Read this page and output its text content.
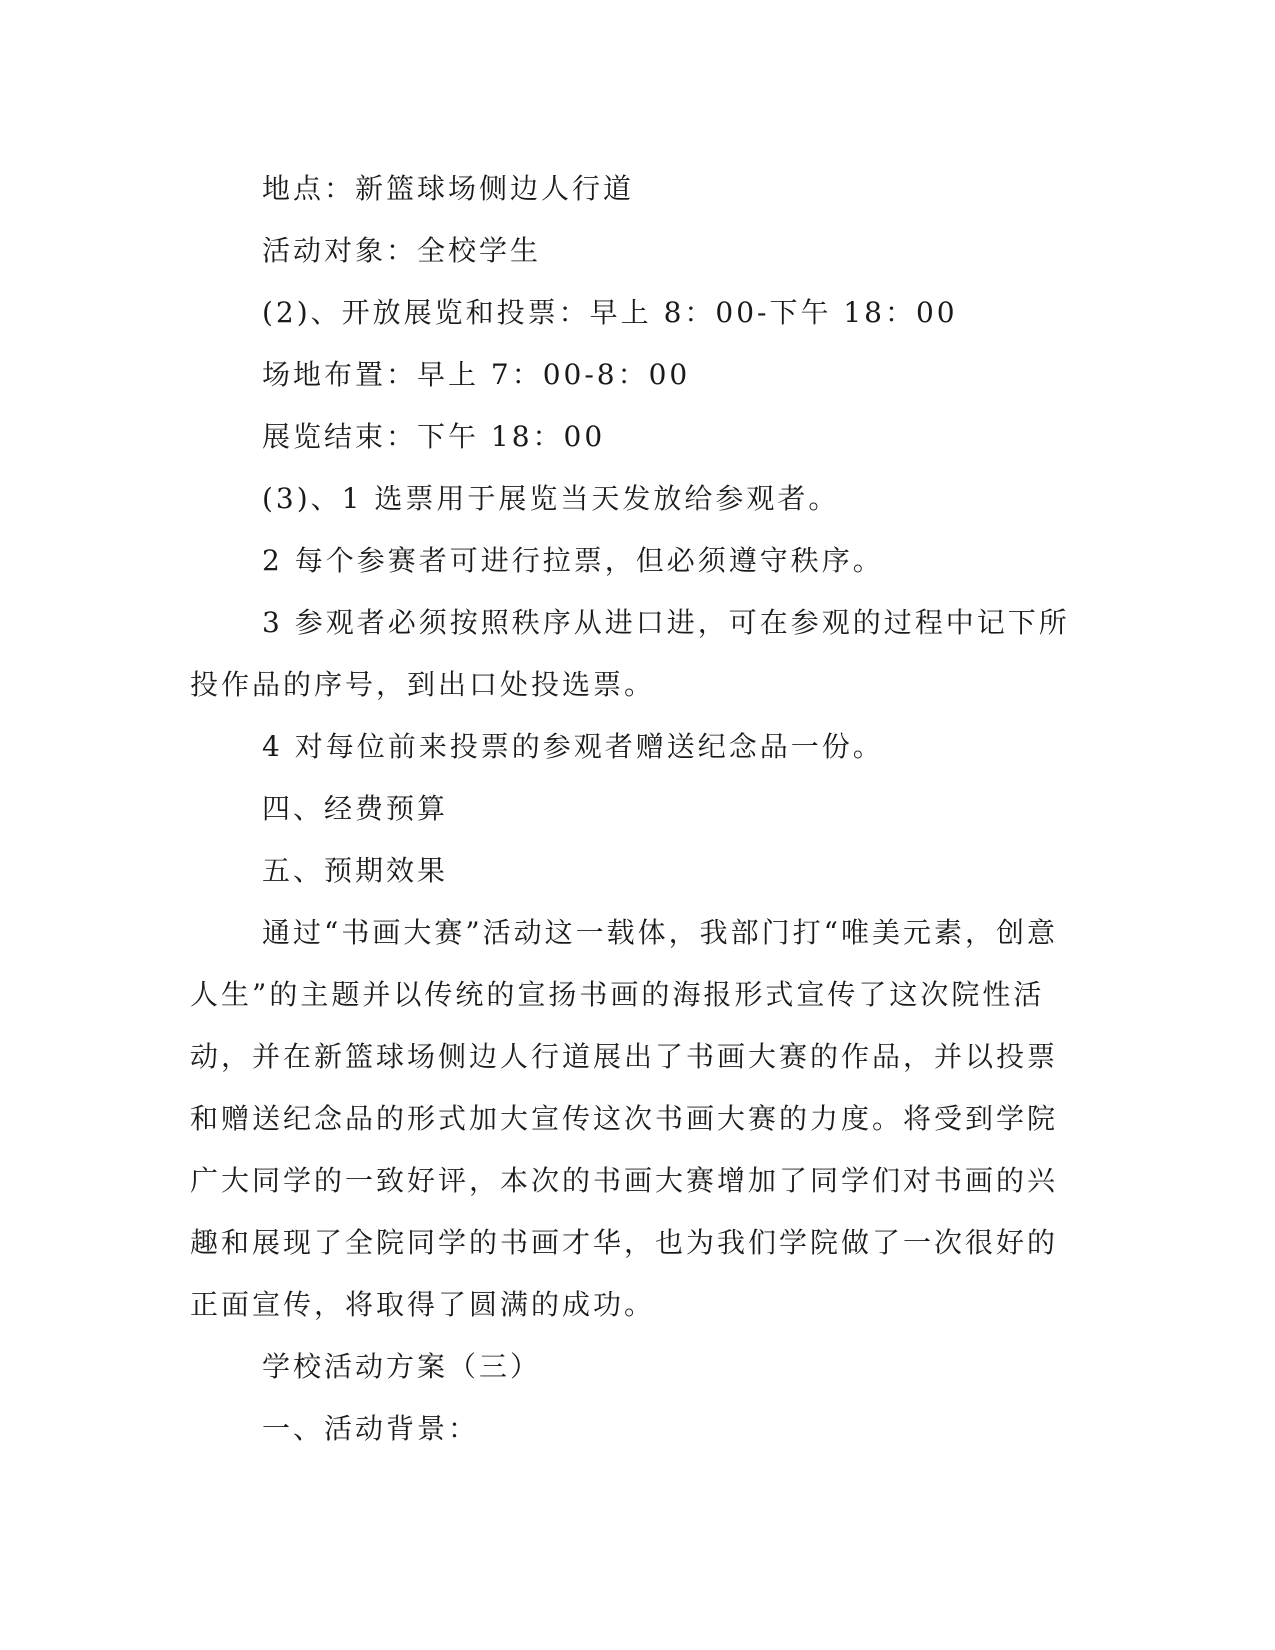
地点：新篮球场侧边人行道

活动对象：全校学生

(2)、开放展览和投票：早上 8：00-下午 18：00

场地布置：早上 7：00-8：00

展览结束：下午 18：00

(3)、1 选票用于展览当天发放给参观者。

2 每个参赛者可进行拉票，但必须遵守秩序。

3 参观者必须按照秩序从进口进，可在参观的过程中记下所投作品的序号，到出口处投选票。

4 对每位前来投票的参观者赠送纪念品一份。

四、经费预算

五、预期效果

通过“书画大赛”活动这一载体，我部门打“唯美元素，创意人生”的主题并以传统的宣扬书画的海报形式宣传了这次院性活动，并在新篮球场侧边人行道展出了书画大赛的作品，并以投票和赠送纪念品的形式加大宣传这次书画大赛的力度。将受到学院广大同学的一致好评，本次的书画大赛增加了同学们对书画的兴趣和展现了全院同学的书画才华，也为我们学院做了一次很好的正面宣传，将取得了圆满的成功。

学校活动方案（三）

一、活动背景：
